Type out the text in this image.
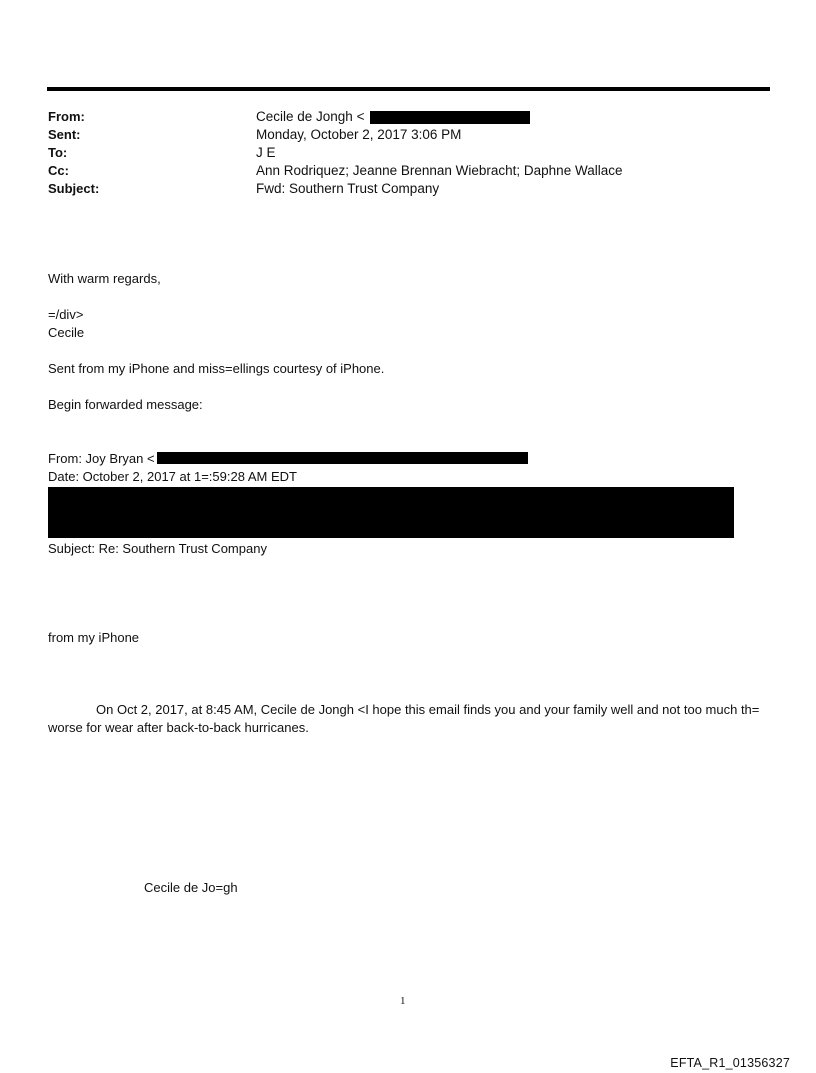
From:	Cecile de Jongh <
Sent:	Monday, October 2, 2017 3:06 PM
To:	J E
Cc:	Ann Rodriquez; Jeanne Brennan Wiebracht; Daphne Wallace
Subject:	Fwd: Southern Trust Company
With warm regards,
=/div>
Cecile
Sent from my iPhone and miss=ellings courtesy of iPhone.
Begin forwarded message:
From: Joy Bryan <
Date: October 2, 2017 at 1=:59:28 AM EDT
Subject: Re: Southern Trust Company
from my iPhone
On Oct 2, 2017, at 8:45 AM, Cecile de Jongh <I hope this email finds you and your family well and not too much th= worse for wear after back-to-back hurricanes.
Cecile de Jo=gh
1
EFTA_R1_01356327
